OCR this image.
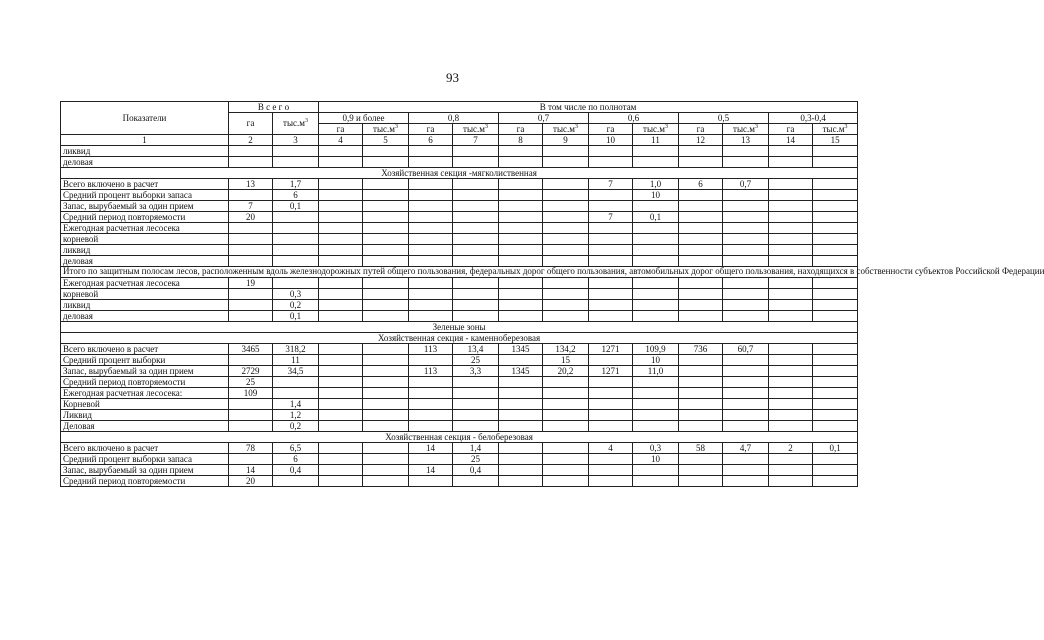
93
Показатели	В с е г о		В том числе по полнотам											
	га	$тыс.м^3$	0,9 и более		0,8		0,7		0,6		0,5		0,3-0,4	
			га	$тыс.м^3$	га	$тыс.м^3$	га	$тыс.м^3$	га	$тыс.м^3$	га	$тыс.м^3$	га	$тыс.м^3$
1	2	3	4	5	6	7	8	9	10	11	12	13	14	15
ликвид														
деловая														
Хозяйственная секция -мягколиственная														
Всего включено в расчет	13	1,7							7	1,0	6	0,7		
Средний процент выборки запаса		6								10				
Запас, вырубаемый за один прием	7	0,1												
Средний период повторяемости	20								7	0,1				
Ежегодная расчетная лесосека														
корневой														
ликвид														
деловая														
Итого по защитным полосам лесов, расположенным вдоль железнодорожных путей общего пользования, федеральных дорог общего пользования, автомобильных дорог общего пользования, находящихся в собственности субъектов Российской Федерации														
Ежегодная расчетная лесосека	19													
корневой		0,3												
ликвид		0,2												
деловая		0,1												
Зеленые зоны														
Хозяйственная секция - каменноберезовая														
Всего включено в расчет	3465	318,2			113	13,4	1345	134,2	1271	109,9	736	60,7		
Средний процент выборки		11				25		15		10				
Запас, вырубаемый за один прием	2729	34,5			113	3,3	1345	20,2	1271	11,0				
Средний период повторяемости	25													
Ежегодная расчетная лесосека:	109													
Корневой		1,4												
Ликвид		1,2												
Деловая		0,2												
Хозяйственная секция - белоберезовая														
Всего включено в расчет	78	6,5			14	1,4			4	0,3	58	4,7	2	0,1
Средний процент выборки запаса		6				25				10				
Запас, вырубаемый за один прием	14	0,4			14	0,4								
Средний период повторяемости	20													
